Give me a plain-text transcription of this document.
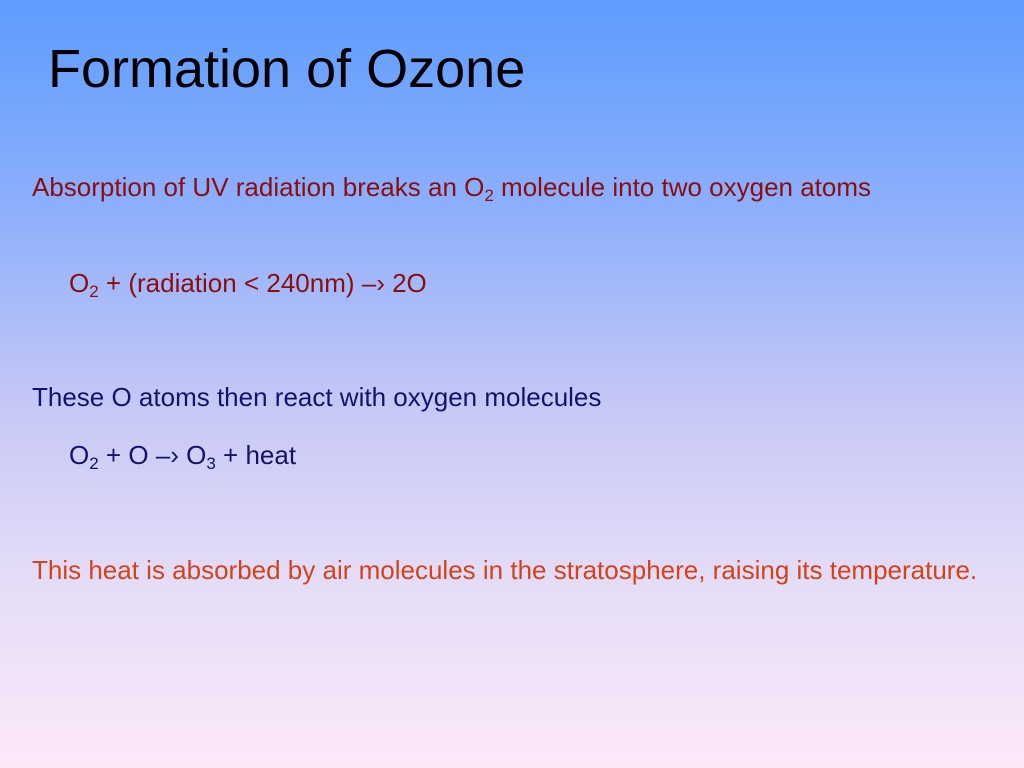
Formation of Ozone
Absorption of UV radiation breaks an $O_2$ molecule into two oxygen atoms
$O_2$ + (radiation < 240nm) –› 2O
These O atoms then react with oxygen molecules
$O_2 + O$ –› $O_3$ + heat
This heat is absorbed by air molecules in the stratosphere, raising its temperature.
